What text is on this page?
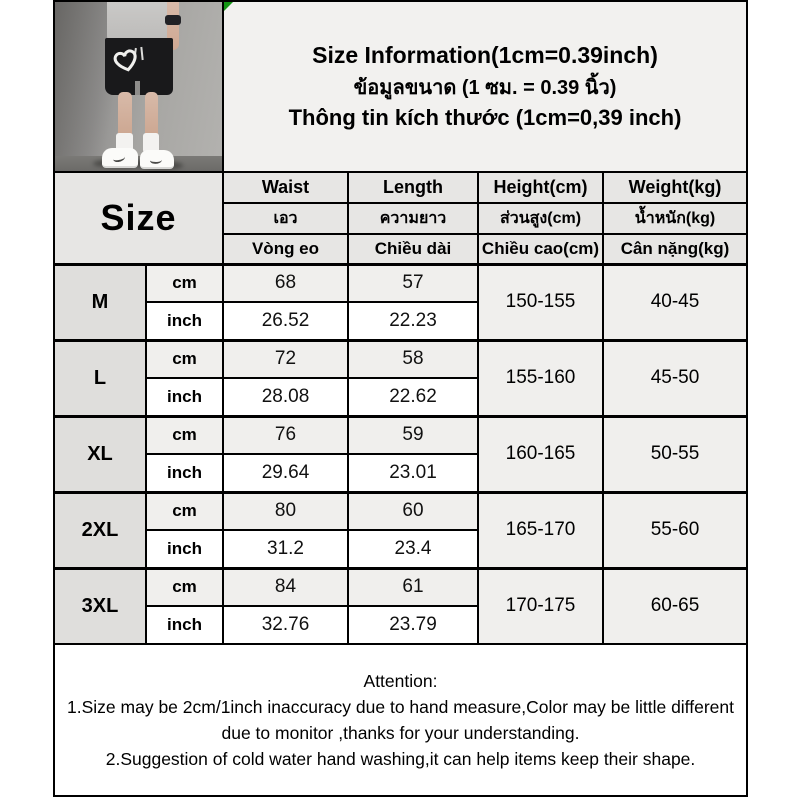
Size Information(1cm=0.39inch)
ข้อมูลขนาด (1 ซม. = 0.39 นิ้ว)
Thông tin kích thước (1cm=0,39 inch)			

Size		Waist	Length	Height(cm)	Weight(kg)
		เอว	ความยาว	ส่วนสูง(cm)	น้ำหนัก(kg)
		Vòng eo	Chiều dài	Chiều cao(cm)	Cân nặng(kg)
M	cm	68	57	150-155	40-45
	inch	26.52	22.23		
L	cm	72	58	155-160	45-50
	inch	28.08	22.62		
XL	cm	76	59	160-165	50-55
	inch	29.64	23.01		
2XL	cm	80	60	165-170	55-60
	inch	31.2	23.4		
3XL	cm	84	61	170-175	60-65
	inch	32.76	23.79		

Attention:
1.Size may be 2cm/1inch inaccuracy due to hand measure,Color may be little different
due to monitor ,thanks for your understanding.
2.Suggestion of cold water hand washing,it can help items keep their shape.					
